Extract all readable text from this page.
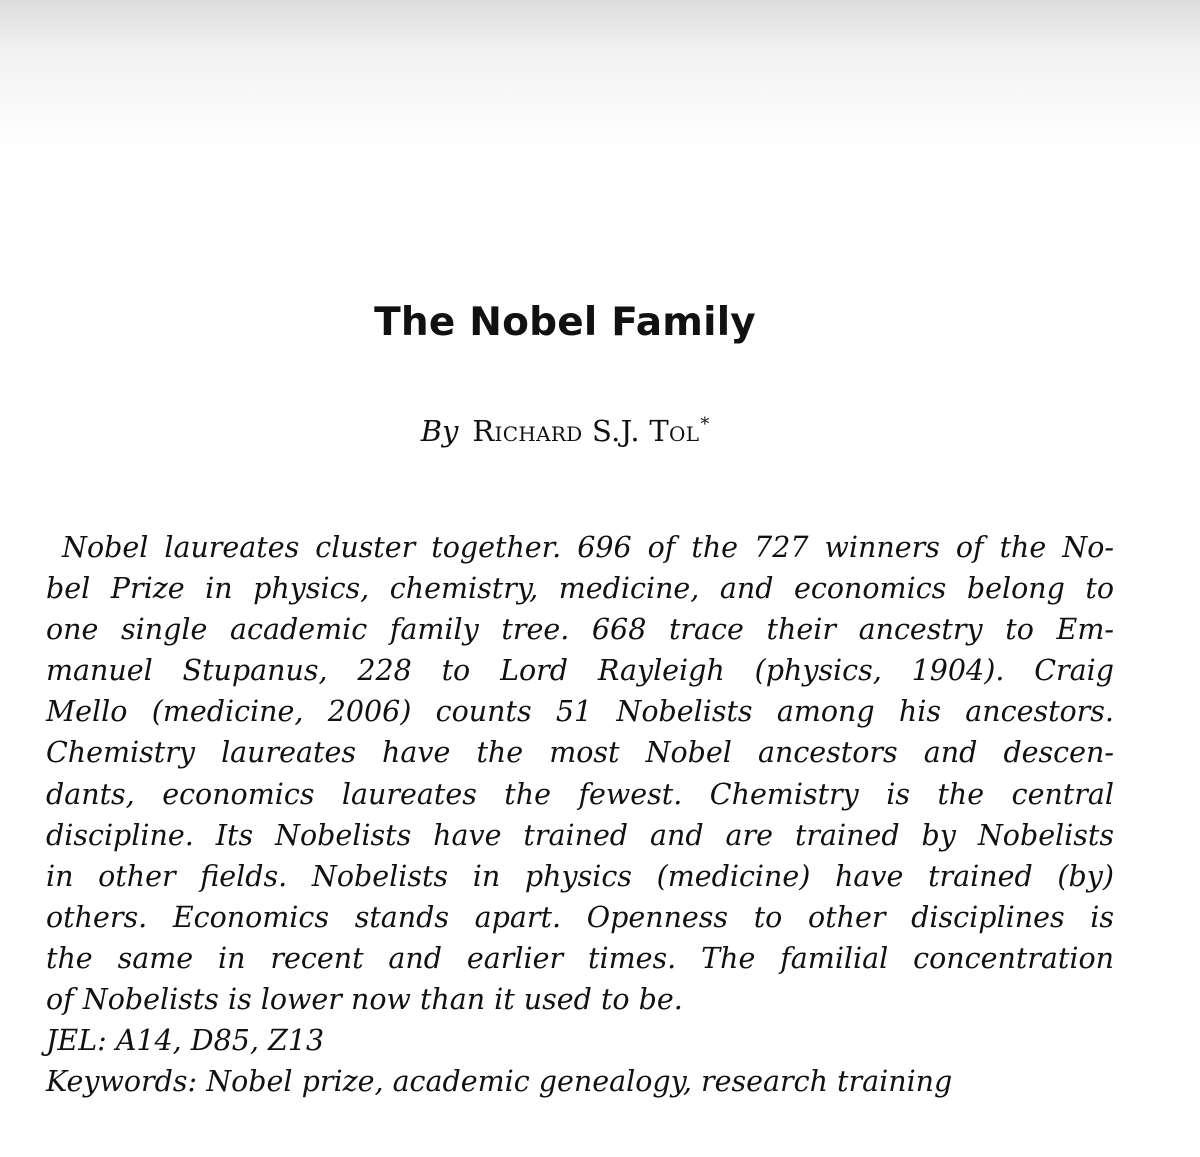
The Nobel Family
By Richard S.J. Tol*
Nobel laureates cluster together. 696 of the 727 winners of the No-
bel Prize in physics, chemistry, medicine, and economics belong to
one single academic family tree. 668 trace their ancestry to Em-
manuel Stupanus, 228 to Lord Rayleigh (physics, 1904). Craig
Mello (medicine, 2006) counts 51 Nobelists among his ancestors.
Chemistry laureates have the most Nobel ancestors and descen-
dants, economics laureates the fewest. Chemistry is the central
discipline. Its Nobelists have trained and are trained by Nobelists
in other fields. Nobelists in physics (medicine) have trained (by)
others. Economics stands apart. Openness to other disciplines is
the same in recent and earlier times. The familial concentration
of Nobelists is lower now than it used to be.
JEL: A14, D85, Z13
Keywords: Nobel prize, academic genealogy, research training
